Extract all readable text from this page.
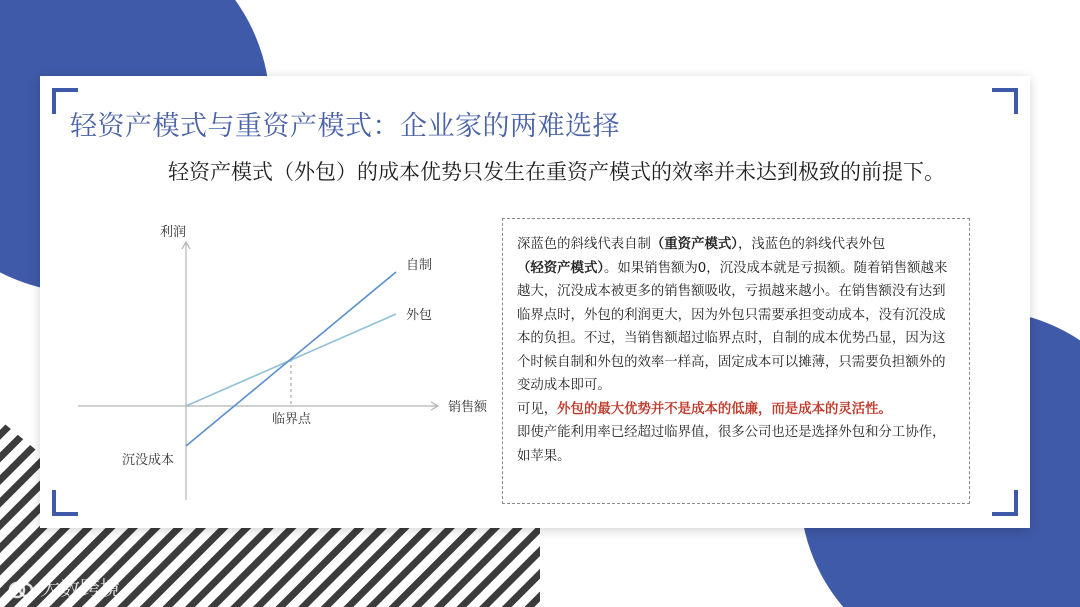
轻资产模式与重资产模式：企业家的两难选择
轻资产模式（外包）的成本优势只发生在重资产模式的效率并未达到极致的前提下。
利润
销售额
自制
外包
临界点
沉没成本

深蓝色的斜线代表自制（重资产模式），浅蓝色的斜线代表外包
（轻资产模式）。如果销售额为0，沉没成本就是亏损额。随着销售额越来越大，沉没成本被更多的销售额吸收，亏损越来越小。在销售额没有达到临界点时，外包的利润更大，因为外包只需要承担变动成本，没有沉没成本的负担。不过，当销售额超过临界点时，自制的成本优势凸显，因为这个时候自制和外包的效率一样高，固定成本可以摊薄，只需要负担额外的变动成本即可。

可见，外包的最大优势并不是成本的低廉，而是成本的灵活性。

即使产能利用率已经超过临界值，很多公司也还是选择外包和分工协作，如苹果。

大数跨境
